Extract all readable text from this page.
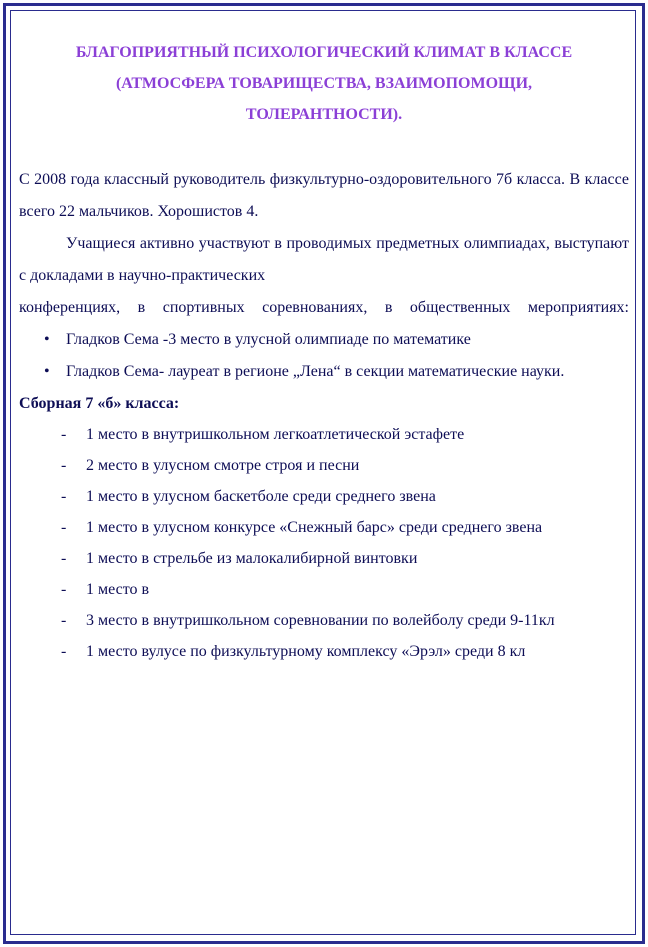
БЛАГОПРИЯТНЫЙ ПСИХОЛОГИЧЕСКИЙ КЛИМАТ В КЛАССЕ

(АТМОСФЕРА ТОВАРИЩЕСТВА, ВЗАИМОПОМОЩИ,

ТОЛЕРАНТНОСТИ).

С 2008 года классный руководитель физкультурно-оздоровительного 7б класса. В классе всего 22 мальчиков. Хорошистов 4.

Учащиеся активно участвуют в проводимых предметных олимпиадах, выступают с докладами в научно-практических

конференциях, в спортивных соревнованиях, в общественных мероприятиях:

• Гладков Сема -3 место в улусной олимпиаде по математике
• Гладков Сема- лауреат в регионе „Лена“ в секции математические науки.

Сборная 7 «б» класса:

- 1 место в внутришкольном легкоатлетической эстафете
- 2 место в улусном смотре строя и песни
- 1 место в улусном баскетболе среди среднего звена
- 1 место в улусном конкурсе «Снежный барс» среди среднего звена
- 1 место в стрельбе из малокалибирной винтовки
- 1 место в
- 3 место в внутришкольном соревновании по волейболу среди 9-11кл
- 1 место вулусе по физкультурному комплексу «Эрэл» среди 8 кл
